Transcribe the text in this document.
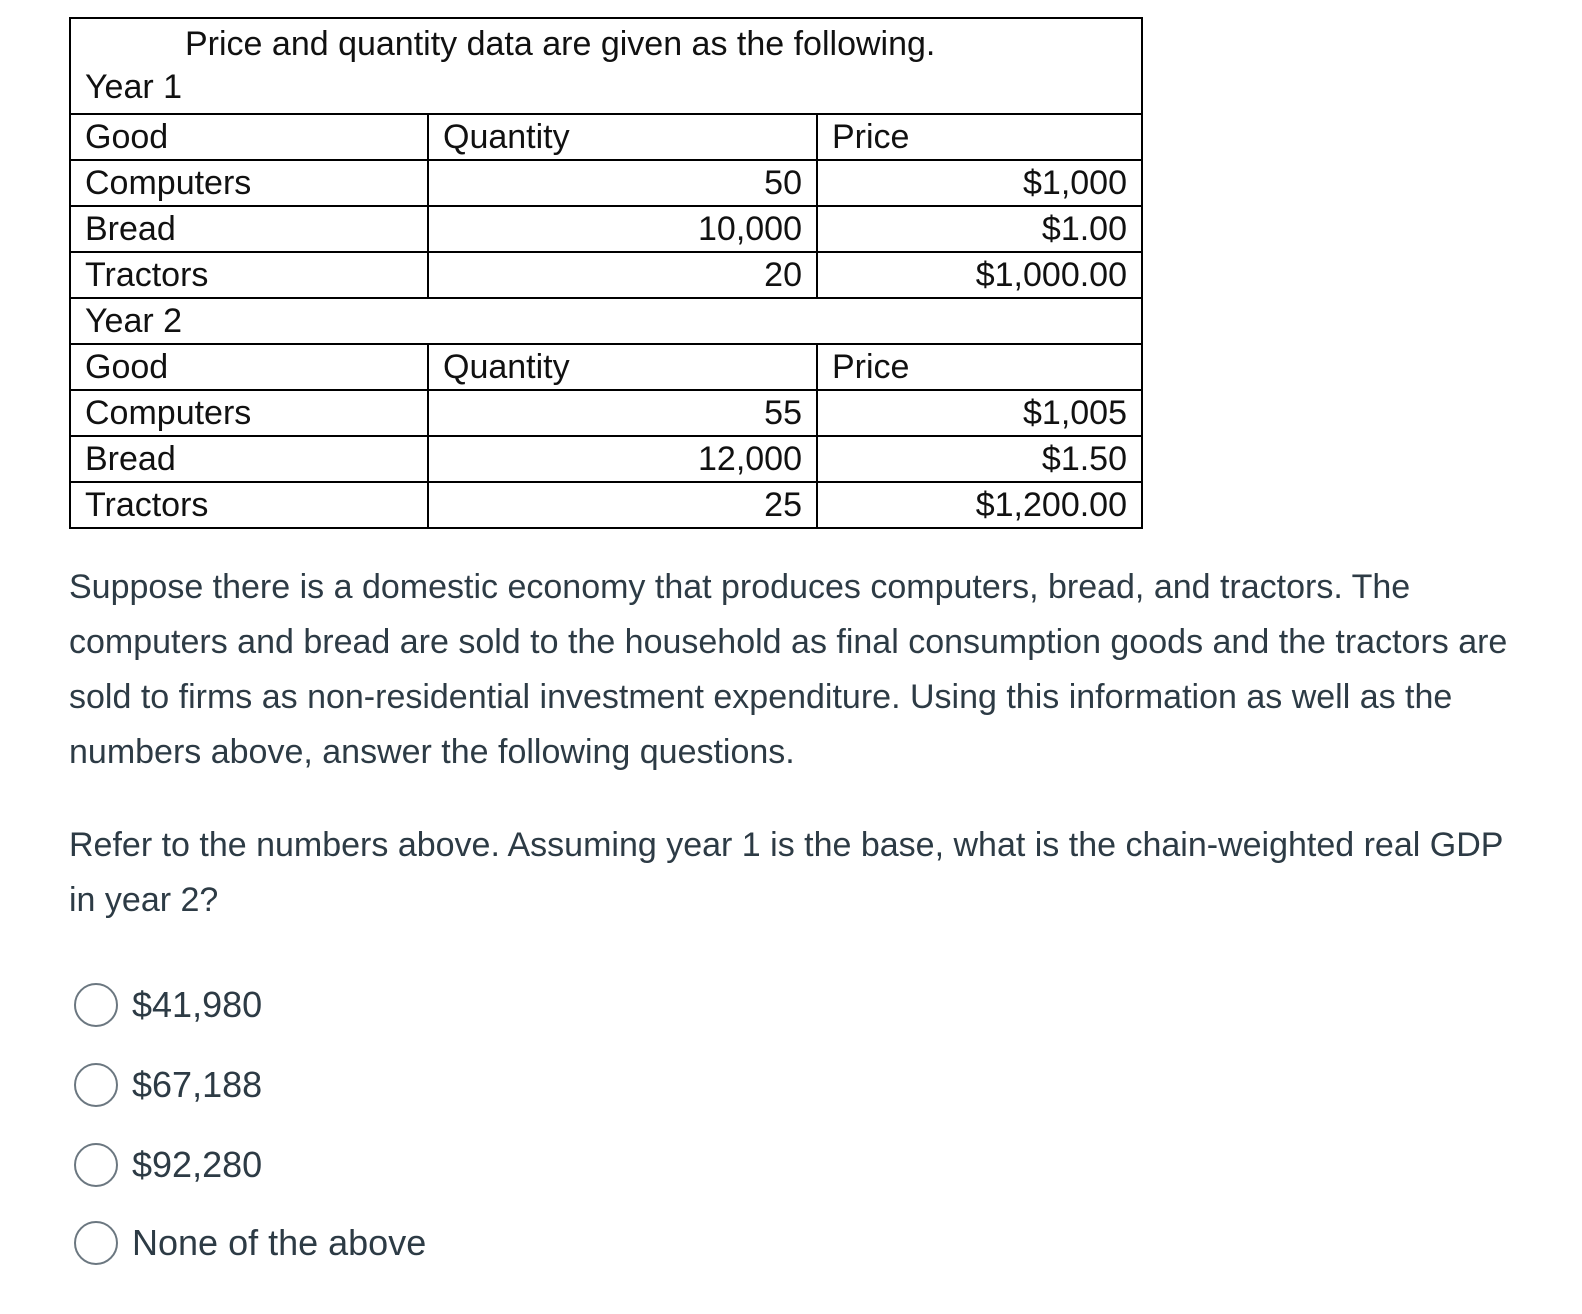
Price and quantity data are given as the following.
Year 1		

Good	Quantity	Price
Computers	50	$1,000
Bread	10,000	$1.00
Tractors	20	$1,000.00
Year 2		
Good	Quantity	Price
Computers	55	$1,005
Bread	12,000	$1.50
Tractors	25	$1,200.00
Suppose there is a domestic economy that produces computers, bread, and tractors. The computers and bread are sold to the household as final consumption goods and the tractors are sold to firms as non-residential investment expenditure. Using this information as well as the numbers above, answer the following questions.
Refer to the numbers above. Assuming year 1 is the base, what is the chain-weighted real GDP in year 2?
$41,980
$67,188
$92,280
None of the above
